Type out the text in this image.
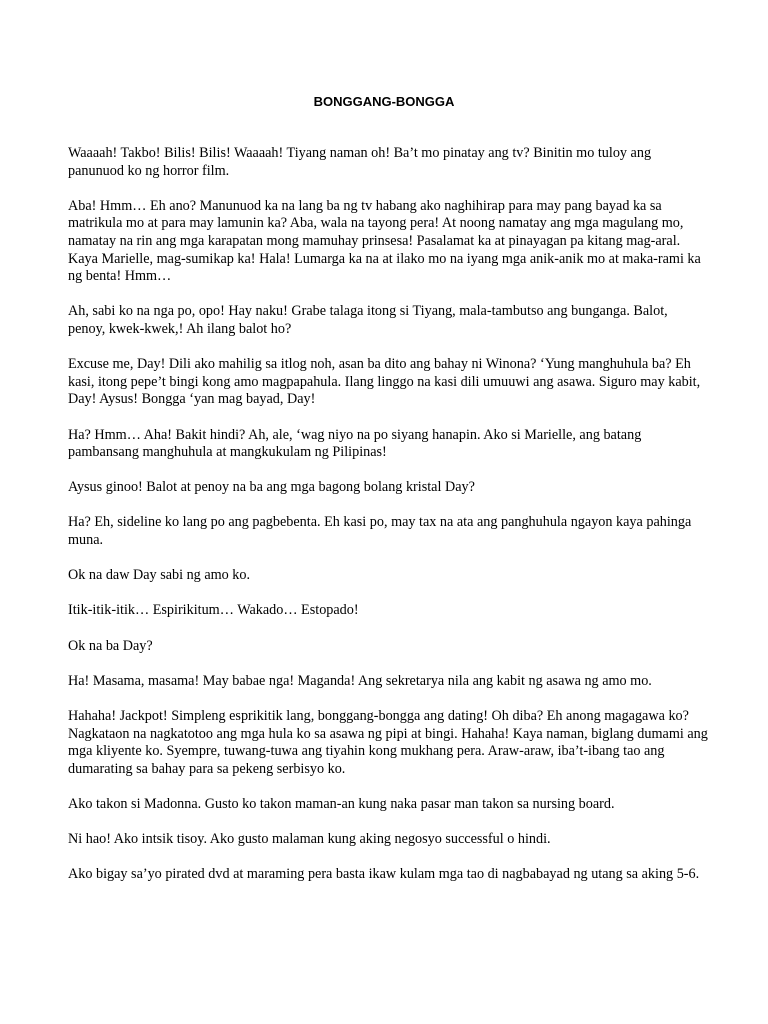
BONGGANG-BONGGA

Waaaah! Takbo! Bilis! Bilis! Waaaah! Tiyang naman oh! Ba’t mo pinatay ang tv? Binitin mo tuloy ang panunuod ko ng horror film.

Aba! Hmm… Eh ano? Manunuod ka na lang ba ng tv habang ako naghihirap para may pang bayad ka sa matrikula mo at para may lamunin ka? Aba, wala na tayong pera! At noong namatay ang mga magulang mo, namatay na rin ang mga karapatan mong mamuhay prinsesa! Pasalamat ka at pinayagan pa kitang mag-aral. Kaya Marielle, mag-sumikap ka! Hala! Lumarga ka na at ilako mo na iyang mga anik-anik mo at maka-rami ka ng benta! Hmm…

Ah, sabi ko na nga po, opo! Hay naku! Grabe talaga itong si Tiyang, mala-tambutso ang bunganga. Balot, penoy, kwek-kwek,! Ah ilang balot ho?

Excuse me, Day! Dili ako mahilig sa itlog noh, asan ba dito ang bahay ni Winona? ‘Yung manghuhula ba? Eh kasi, itong pepe’t bingi kong amo magpapahula. Ilang linggo na kasi dili umuuwi ang asawa. Siguro may kabit, Day! Aysus! Bongga ‘yan mag bayad, Day!

Ha? Hmm… Aha! Bakit hindi? Ah, ale, ‘wag niyo na po siyang hanapin. Ako si Marielle, ang batang pambansang manghuhula at mangkukulam ng Pilipinas!

Aysus ginoo! Balot at penoy na ba ang mga bagong bolang kristal Day?

Ha? Eh, sideline ko lang po ang pagbebenta. Eh kasi po, may tax na ata ang panghuhula ngayon kaya pahinga muna.

Ok na daw Day sabi ng amo ko.

Itik-itik-itik… Espirikitum… Wakado… Estopado!

Ok na ba Day?

Ha! Masama, masama! May babae nga! Maganda! Ang sekretarya nila ang kabit ng asawa ng amo mo.

Hahaha! Jackpot! Simpleng esprikitik lang, bonggang-bongga ang dating! Oh diba? Eh anong magagawa ko? Nagkataon na nagkatotoo ang mga hula ko sa asawa ng pipi at bingi. Hahaha! Kaya naman, biglang dumami ang mga kliyente ko. Syempre, tuwang-tuwa ang tiyahin kong mukhang pera. Araw-araw, iba’t-ibang tao ang dumarating sa bahay para sa pekeng serbisyo ko.

Ako takon si Madonna. Gusto ko takon maman-an kung naka pasar man takon sa nursing board.

Ni hao! Ako intsik tisoy. Ako gusto malaman kung aking negosyo successful o hindi.

Ako bigay sa’yo pirated dvd at maraming pera basta ikaw kulam mga tao di nagbabayad ng utang sa aking 5-6.
